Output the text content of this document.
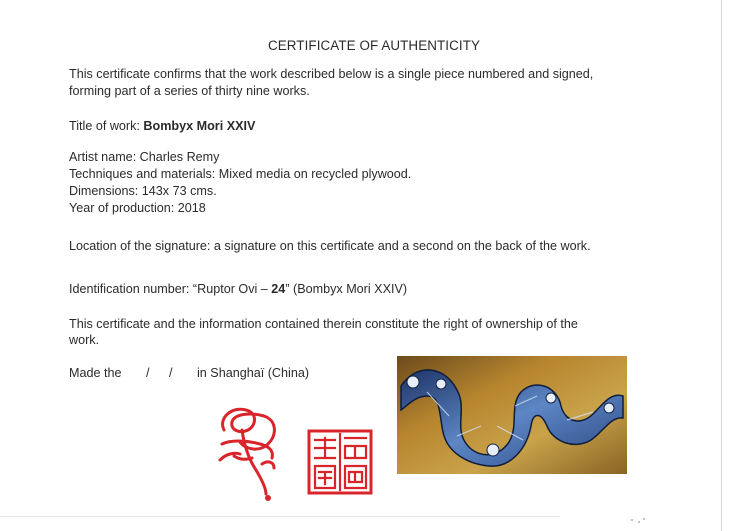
CERTIFICATE OF AUTHENTICITY
This certificate confirms that the work described below is a single piece numbered and signed,
forming part of a series of thirty nine works.
Title of work: Bombyx Mori XXIV
Artist name: Charles Remy
Techniques and materials: Mixed media on recycled plywood.
Dimensions: 143x 73 cms.
Year of production: 2018
Location of the signature: a signature on this certificate and a second on the back of the work.
Identification number: “Ruptor Ovi – 24” (Bombyx Mori XXIV)
This certificate and the information contained therein constitute the right of ownership of the
work.
Made the / / in Shanghaï (China)
